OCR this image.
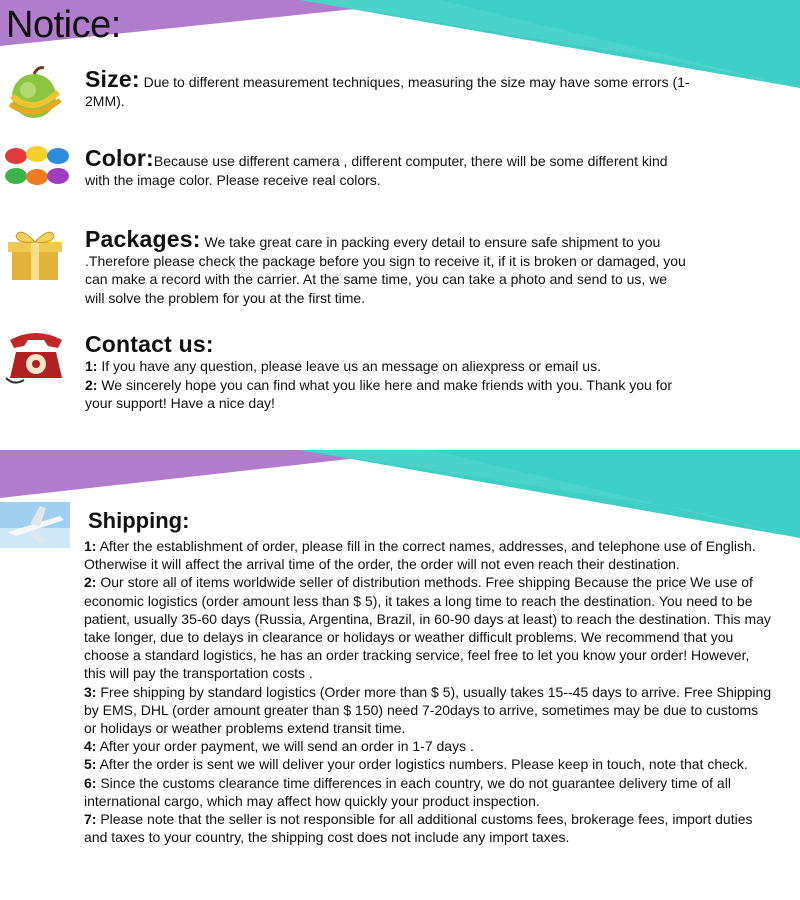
Notice:
Size: Due to different measurement techniques, measuring the size may have some errors (1-2MM).
Color:Because use different camera , different computer, there will be some different kind with the image color. Please receive real colors.
Packages: We take great care in packing every detail to ensure safe shipment to you .Therefore please check the package before you sign to receive it, if it is broken or damaged, you can make a record with the carrier. At the same time, you can take a photo and send to us, we will solve the problem for you at the first time.
Contact us:
1: If you have any question, please leave us an message on aliexpress or email us.
2: We sincerely hope you can find what you like here and make friends with you. Thank you for your support! Have a nice day!
Shipping:

1: After the establishment of order, please fill in the correct names, addresses, and telephone use of English. Otherwise it will affect the arrival time of the order, the order will not even reach their destination.

2: Our store all of items worldwide seller of distribution methods. Free shipping Because the price We use of economic logistics (order amount less than $ 5), it takes a long time to reach the destination. You need to be patient, usually 35-60 days (Russia, Argentina, Brazil, in 60-90 days at least) to reach the destination. This may take longer, due to delays in clearance or holidays or weather difficult problems. We recommend that you choose a standard logistics, he has an order tracking service, feel free to let you know your order! However, this will pay the transportation costs .

3: Free shipping by standard logistics (Order more than $ 5), usually takes 15--45 days to arrive. Free Shipping by EMS, DHL (order amount greater than $ 150) need 7-20days to arrive, sometimes may be due to customs or holidays or weather problems extend transit time.

4: After your order payment, we will send an order in 1-7 days .

5: After the order is sent we will deliver your order logistics numbers. Please keep in touch, note that check.

6: Since the customs clearance time differences in each country, we do not guarantee delivery time of all international cargo, which may affect how quickly your product inspection.

7: Please note that the seller is not responsible for all additional customs fees, brokerage fees, import duties and taxes to your country, the shipping cost does not include any import taxes.
